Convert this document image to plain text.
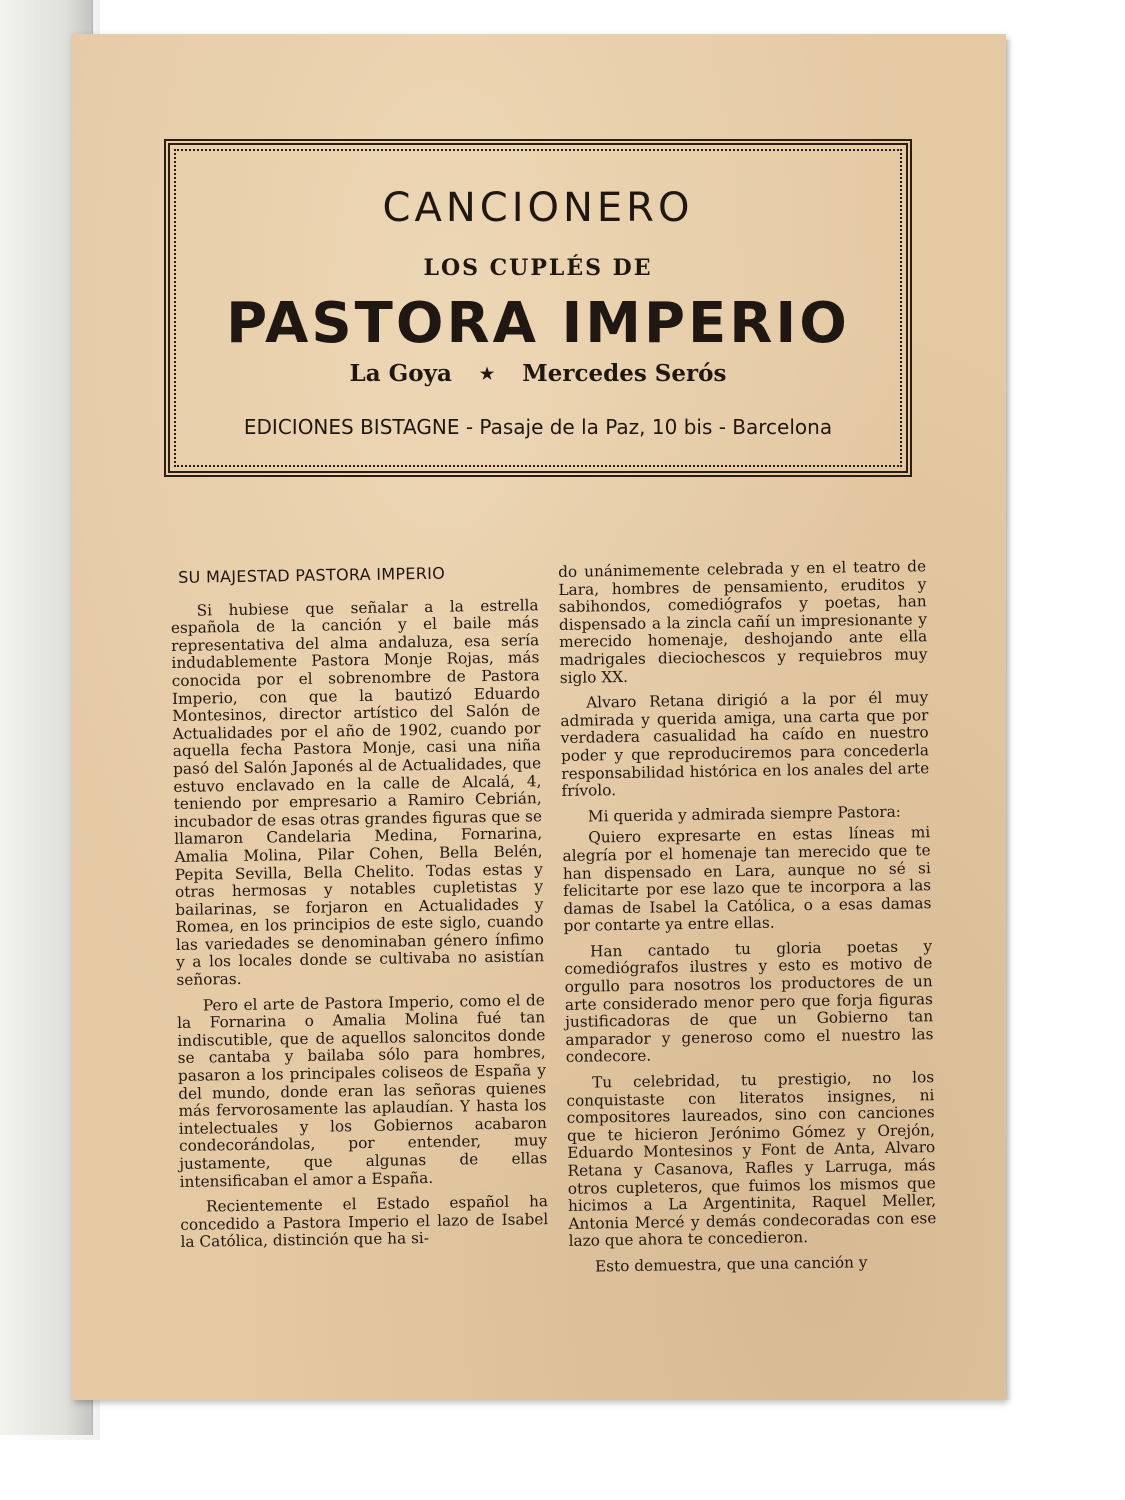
CANCIONERO
LOS CUPLÉS DE
PASTORA IMPERIO
La Goya ★ Mercedes Serós
EDICIONES BISTAGNE - Pasaje de la Paz, 10 bis - Barcelona
SU MAJESTAD PASTORA IMPERIO

Si hubiese que señalar a la estrella española de la canción y el baile más representativa del alma andaluza, esa sería indudablemente Pastora Monje Rojas, más conocida por el sobrenombre de Pastora Imperio, con que la bautizó Eduardo Montesinos, director artístico del Salón de Actualidades por el año de 1902, cuando por aquella fecha Pastora Monje, casi una niña pasó del Salón Japonés al de Actualidades, que estuvo enclavado en la calle de Alcalá, 4, teniendo por empresario a Ramiro Cebrián, incubador de esas otras grandes figuras que se llamaron Candelaria Medina, Fornarina, Amalia Molina, Pilar Cohen, Bella Belén, Pepita Sevilla, Bella Chelito. Todas estas y otras hermosas y notables cupletistas y bailarinas, se forjaron en Actualidades y Romea, en los principios de este siglo, cuando las variedades se denominaban género ínfimo y a los locales donde se cultivaba no asistían señoras.

Pero el arte de Pastora Imperio, como el de la Fornarina o Amalia Molina fué tan indiscutible, que de aquellos saloncitos donde se cantaba y bailaba sólo para hombres, pasaron a los principales coliseos de España y del mundo, donde eran las señoras quienes más fervorosamente las aplaudían. Y hasta los intelectuales y los Gobiernos acabaron condecorándolas, por entender, muy justamente, que algunas de ellas intensificaban el amor a España.

Recientemente el Estado español ha concedido a Pastora Imperio el lazo de Isabel la Católica, distinción que ha si-

do unánimemente celebrada y en el teatro de Lara, hombres de pensamiento, eruditos y sabihondos, comediógrafos y poetas, han dispensado a la zincla cañí un impresionante y merecido homenaje, deshojando ante ella madrigales dieciochescos y requiebros muy siglo XX.

Alvaro Retana dirigió a la por él muy admirada y querida amiga, una carta que por verdadera casualidad ha caído en nuestro poder y que reproduciremos para concederla responsabilidad histórica en los anales del arte frívolo.

Mi querida y admirada siempre Pastora:

Quiero expresarte en estas líneas mi alegría por el homenaje tan merecido que te han dispensado en Lara, aunque no sé si felicitarte por ese lazo que te incorpora a las damas de Isabel la Católica, o a esas damas por contarte ya entre ellas.

Han cantado tu gloria poetas y comediógrafos ilustres y esto es motivo de orgullo para nosotros los productores de un arte considerado menor pero que forja figuras justificadoras de que un Gobierno tan amparador y generoso como el nuestro las condecore.

Tu celebridad, tu prestigio, no los conquistaste con literatos insignes, ni compositores laureados, sino con canciones que te hicieron Jerónimo Gómez y Orejón, Eduardo Montesinos y Font de Anta, Alvaro Retana y Casanova, Rafles y Larruga, más otros cupleteros, que fuimos los mismos que hicimos a La Argentinita, Raquel Meller, Antonia Mercé y demás condecoradas con ese lazo que ahora te concedieron.

Esto demuestra, que una canción y
